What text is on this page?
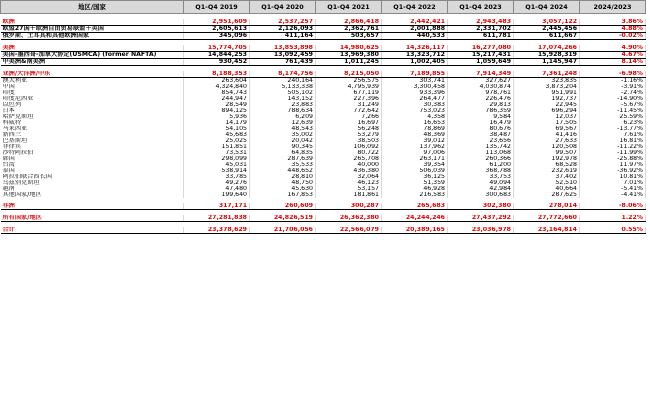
地区/国家	Q1-Q4 2019	Q1-Q4 2020	Q1-Q4 2021	Q1-Q4 2022	Q1-Q4 2023	Q1-Q4 2024	2024/2023

欧洲	2,951,609	2,537,257	2,866,418	2,442,421	2,943,483	3,057,122	3.86%
欧盟27国＋欧洲自由贸易联盟＋英国	2,605,613	2,126,093	2,362,761	2,001,888	2,331,702	2,445,456	4.88%
俄罗斯、土耳其和其他欧洲国家	345,096	411,164	503,657	440,533	611,781	611,667	-0.02%

美洲	15,774,705	13,853,898	14,980,625	14,326,117	16,277,080	17,074,266	4.90%
美国-墨西哥-加拿大协定(USMCA) (former NAFTA)	14,844,253	13,092,459	13,969,380	13,323,712	15,217,431	15,928,319	4.67%
中美洲&南美洲	930,452	761,439	1,011,245	1,002,405	1,059,649	1,145,947	8.14%

亚洲/大洋洲/中东	8,188,353	8,174,756	8,215,050	7,189,855	7,914,349	7,361,248	-6.98%
澳大利亚	263,604	240,164	256,575	303,741	327,627	323,835	-1.16%
中国	4,324,840	5,133,338	4,795,939	3,300,458	4,030,874	3,873,204	-3.91%
印度	854,743	505,102	677,119	933,396	978,761	951,991	-2.74%
印度尼西亚	244,947	143,152	227,396	264,477	226,476	192,737	-14.90%
以色列	28,549	23,883	31,249	30,383	29,813	22,945	-5.67%
日本	894,125	788,634	772,642	753,023	786,359	696,294	-11.45%
哈萨克斯坦	5,936	6,209	7,266	4,358	9,584	12,037	25.59%
科威特	14,179	12,639	16,697	16,653	16,479	17,505	6.23%
马来西亚	54,105	48,543	56,248	78,869	80,676	69,567	-13.77%
新西兰	45,683	35,002	53,279	48,369	38,487	41,416	7.61%
巴基斯坦	25,025	20,042	38,503	39,012	23,656	27,633	16.81%
菲律宾	151,851	90,345	106,092	137,962	135,742	120,508	-11.22%
沙特阿拉伯	73,531	64,835	80,722	97,006	113,068	99,507	-11.99%
韩国	298,099	287,639	265,708	263,171	260,366	192,978	-25.88%
台湾	45,031	35,533	40,000	39,354	61,200	68,528	11.97%
泰国	538,914	448,652	436,380	506,039	368,788	232,619	-36.92%
阿拉伯联合酋长国	33,785	28,810	32,064	36,125	33,753	37,402	10.81%
乌兹别克斯坦	49,276	48,750	46,123	51,359	49,094	52,510	7.01%
越南	47,480	45,630	53,157	46,928	42,984	40,664	-5.41%
其他国家/地区	199,640	167,853	181,861	216,583	300,683	287,625	-4.41%

非洲	317,171	260,609	300,287	265,683	302,380	278,014	-8.06%

所有国家/地区	27,281,838	24,826,519	26,362,380	24,244,246	27,437,292	27,772,660	1.22%

合计	23,378,629	21,706,056	22,566,079	20,389,165	23,036,978	23,164,814	0.55%
